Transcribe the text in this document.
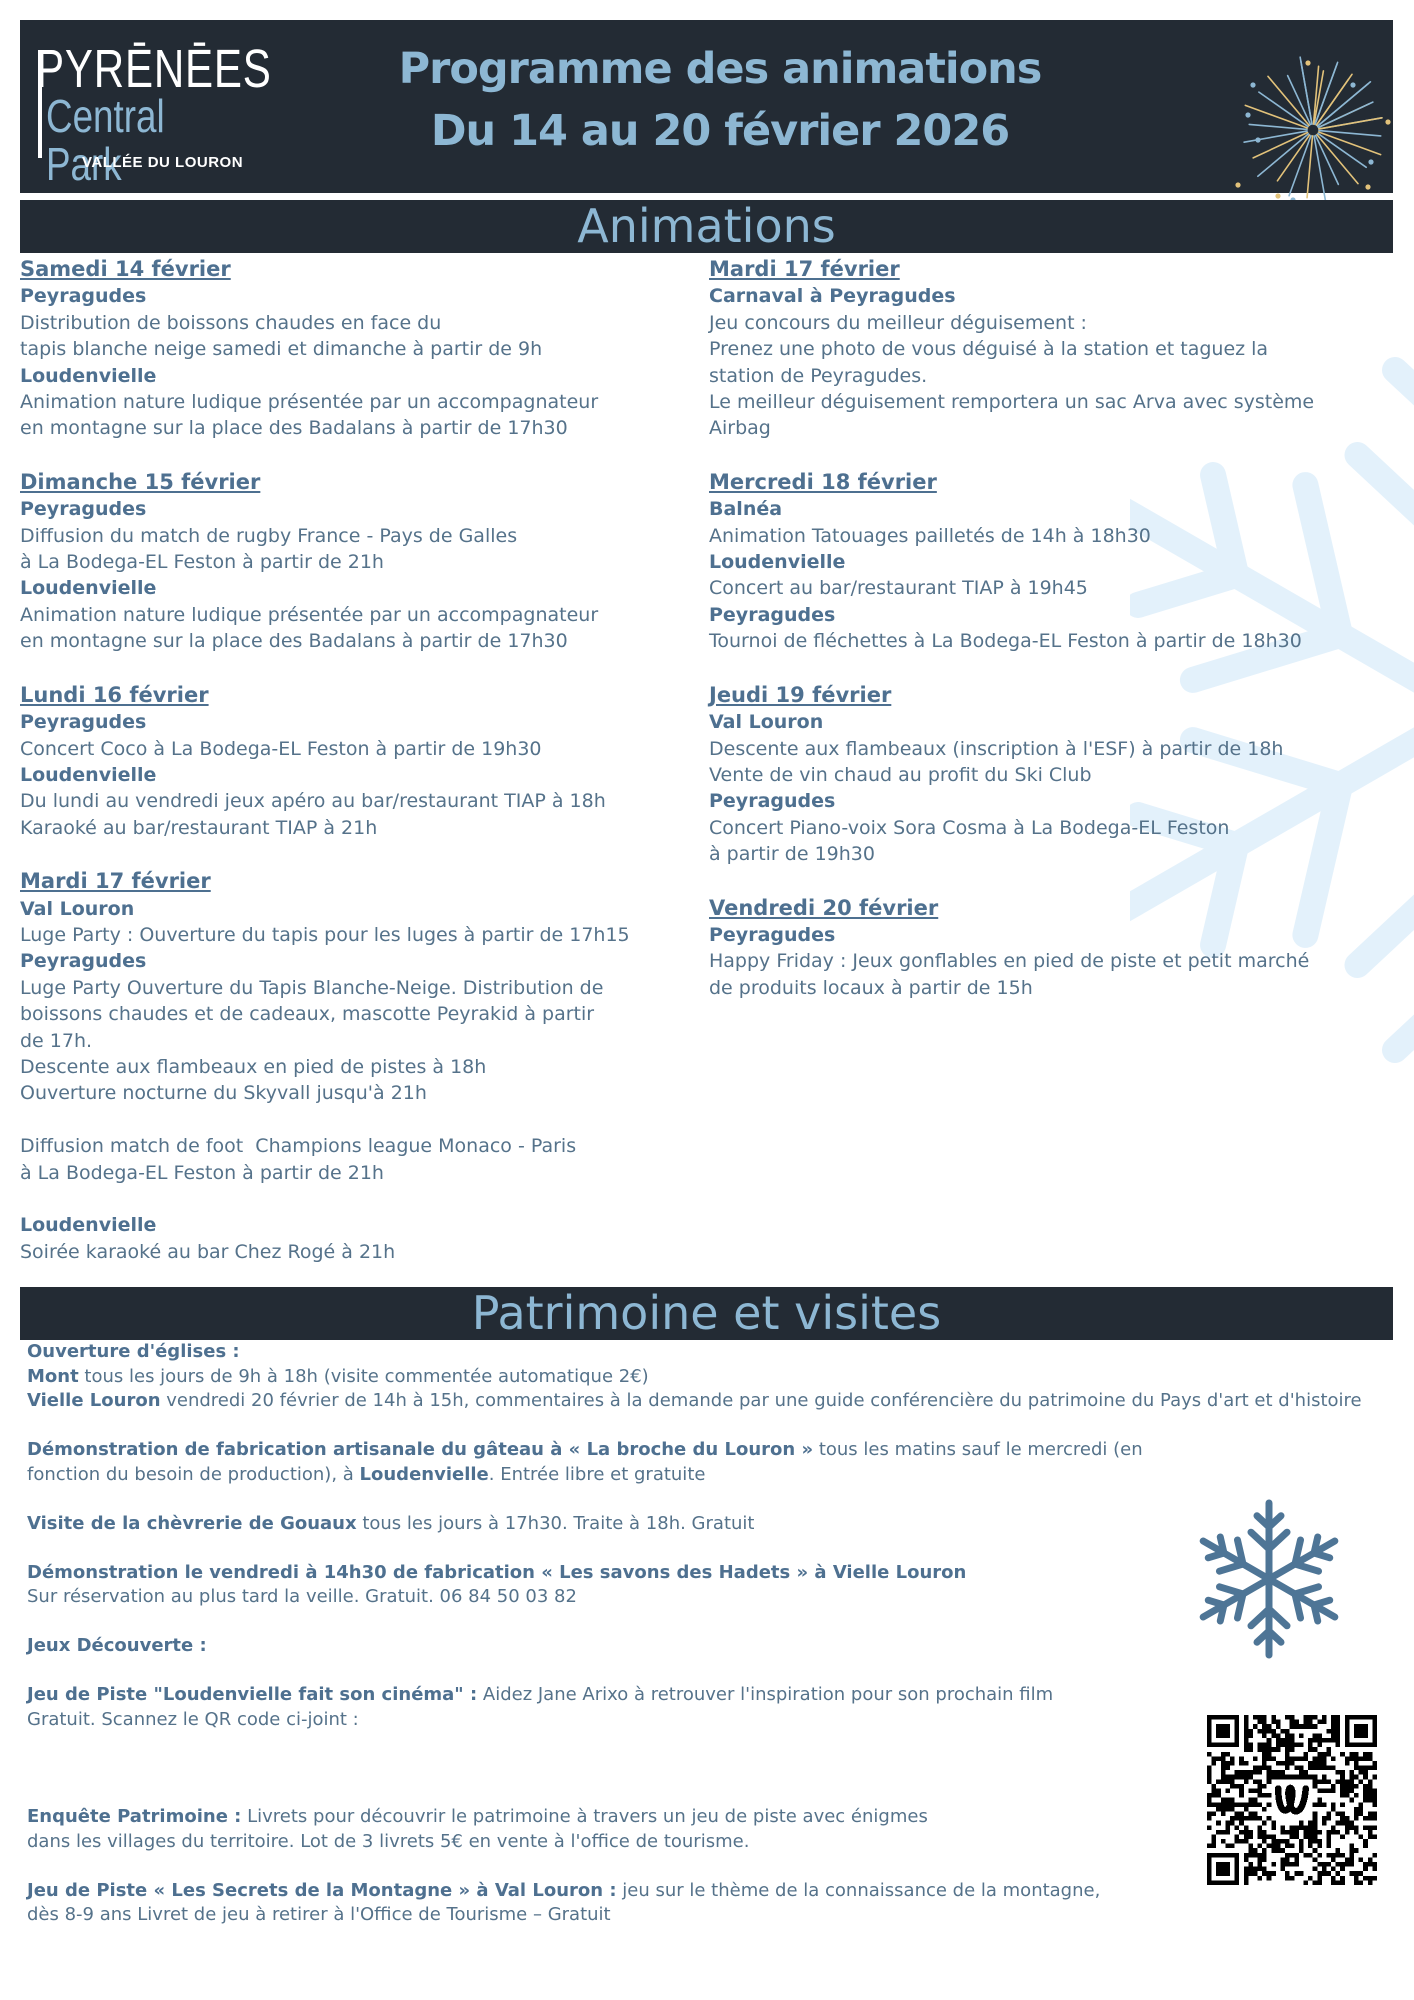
PYRĒNĒES
Central Park
VALLÉE DU LOURON
Programme des animations
Du 14 au 20 février 2026
Animations
Samedi 14 février
Peyragudes
Distribution de boissons chaudes en face du
tapis blanche neige samedi et dimanche à partir de 9h
Loudenvielle
Animation nature ludique présentée par un accompagnateur
en montagne sur la place des Badalans à partir de 17h30
Dimanche 15 février
Peyragudes
Diffusion du match de rugby France - Pays de Galles
à La Bodega-EL Feston à partir de 21h
Loudenvielle
Animation nature ludique présentée par un accompagnateur
en montagne sur la place des Badalans à partir de 17h30
Lundi 16 février
Peyragudes
Concert Coco à La Bodega-EL Feston à partir de 19h30
Loudenvielle
Du lundi au vendredi jeux apéro au bar/restaurant TIAP à 18h
Karaoké au bar/restaurant TIAP à 21h
Mardi 17 février
Val Louron
Luge Party : Ouverture du tapis pour les luges à partir de 17h15
Peyragudes
Luge Party Ouverture du Tapis Blanche-Neige. Distribution de
boissons chaudes et de cadeaux, mascotte Peyrakid à partir
de 17h.
Descente aux flambeaux en pied de pistes à 18h
Ouverture nocturne du Skyvall jusqu'à 21h
Diffusion match de foot  Champions league Monaco - Paris
à La Bodega-EL Feston à partir de 21h
Loudenvielle
Soirée karaoké au bar Chez Rogé à 21h
Mardi 17 février
Carnaval à Peyragudes
Jeu concours du meilleur déguisement :
Prenez une photo de vous déguisé à la station et taguez la
station de Peyragudes.
Le meilleur déguisement remportera un sac Arva avec système
Airbag
Mercredi 18 février
Balnéa
Animation Tatouages pailletés de 14h à 18h30
Loudenvielle
Concert au bar/restaurant TIAP à 19h45
Peyragudes
Tournoi de fléchettes à La Bodega-EL Feston à partir de 18h30
Jeudi 19 février
Val Louron
Descente aux flambeaux (inscription à l'ESF) à partir de 18h
Vente de vin chaud au profit du Ski Club
Peyragudes
Concert Piano-voix Sora Cosma à La Bodega-EL Feston
à partir de 19h30
Vendredi 20 février
Peyragudes
Happy Friday : Jeux gonflables en pied de piste et petit marché
de produits locaux à partir de 15h
Patrimoine et visites
Ouverture d'églises :
Mont tous les jours de 9h à 18h (visite commentée automatique 2€)
Vielle Louron vendredi 20 février de 14h à 15h, commentaires à la demande par une guide conférencière du patrimoine du Pays d'art et d'histoire
Démonstration de fabrication artisanale du gâteau à « La broche du Louron » tous les matins sauf le mercredi (en fonction du besoin de production), à Loudenvielle. Entrée libre et gratuite
Visite de la chèvrerie de Gouaux tous les jours à 17h30. Traite à 18h. Gratuit
Démonstration le vendredi à 14h30 de fabrication « Les savons des Hadets » à Vielle Louron
Sur réservation au plus tard la veille. Gratuit. 06 84 50 03 82
Jeux Découverte :
Jeu de Piste "Loudenvielle fait son cinéma" : Aidez Jane Arixo à retrouver l'inspiration pour son prochain film
Gratuit. Scannez le QR code ci-joint :
Enquête Patrimoine : Livrets pour découvrir le patrimoine à travers un jeu de piste avec énigmes
dans les villages du territoire. Lot de 3 livrets 5€ en vente à l'office de tourisme.
Jeu de Piste « Les Secrets de la Montagne » à Val Louron : jeu sur le thème de la connaissance de la montagne,
dès 8-9 ans Livret de jeu à retirer à l'Office de Tourisme – Gratuit
